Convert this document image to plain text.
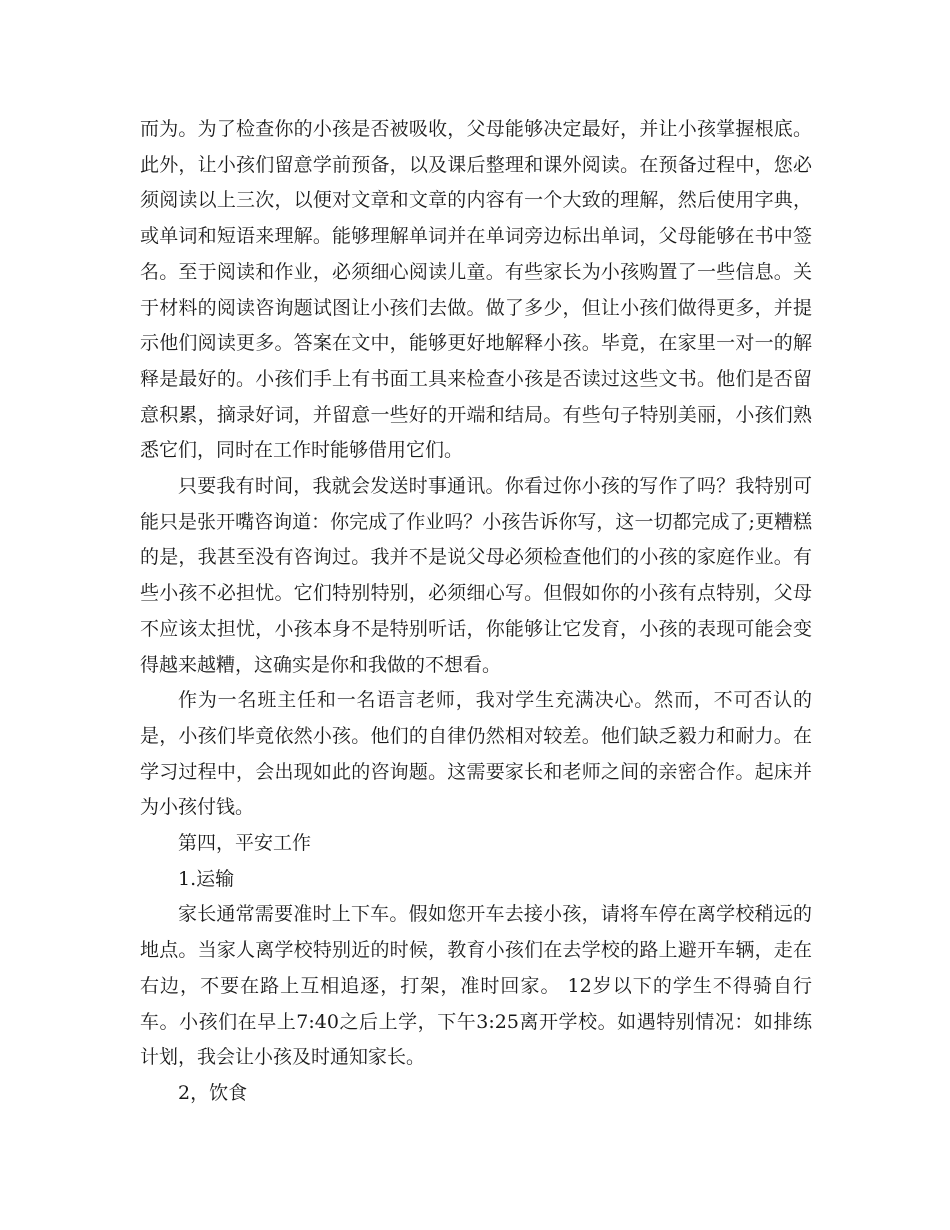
而为。为了检查你的小孩是否被吸收，父母能够决定最好，并让小孩掌握根底。此外，让小孩们留意学前预备，以及课后整理和课外阅读。在预备过程中，您必须阅读以上三次，以便对文章和文章的内容有一个大致的理解，然后使用字典，或单词和短语来理解。能够理解单词并在单词旁边标出单词，父母能够在书中签名。至于阅读和作业，必须细心阅读儿童。有些家长为小孩购置了一些信息。关于材料的阅读咨询题试图让小孩们去做。做了多少，但让小孩们做得更多，并提示他们阅读更多。答案在文中，能够更好地解释小孩。毕竟，在家里一对一的解释是最好的。小孩们手上有书面工具来检查小孩是否读过这些文书。他们是否留意积累，摘录好词，并留意一些好的开端和结局。有些句子特别美丽，小孩们熟悉它们，同时在工作时能够借用它们。

只要我有时间，我就会发送时事通讯。你看过你小孩的写作了吗？我特别可能只是张开嘴咨询道：你完成了作业吗？小孩告诉你写，这一切都完成了;更糟糕的是，我甚至没有咨询过。我并不是说父母必须检查他们的小孩的家庭作业。有些小孩不必担忧。它们特别特别，必须细心写。但假如你的小孩有点特别，父母不应该太担忧，小孩本身不是特别听话，你能够让它发育，小孩的表现可能会变得越来越糟，这确实是你和我做的不想看。

作为一名班主任和一名语言老师，我对学生充满决心。然而，不可否认的是，小孩们毕竟依然小孩。他们的自律仍然相对较差。他们缺乏毅力和耐力。在学习过程中，会出现如此的咨询题。这需要家长和老师之间的亲密合作。起床并为小孩付钱。

第四，平安工作

1.运输

家长通常需要准时上下车。假如您开车去接小孩，请将车停在离学校稍远的地点。当家人离学校特别近的时候，教育小孩们在去学校的路上避开车辆，走在右边，不要在路上互相追逐，打架，准时回家。 12岁以下的学生不得骑自行车。小孩们在早上7:40之后上学，下午3:25离开学校。如遇特别情况：如排练计划，我会让小孩及时通知家长。

2，饮食
